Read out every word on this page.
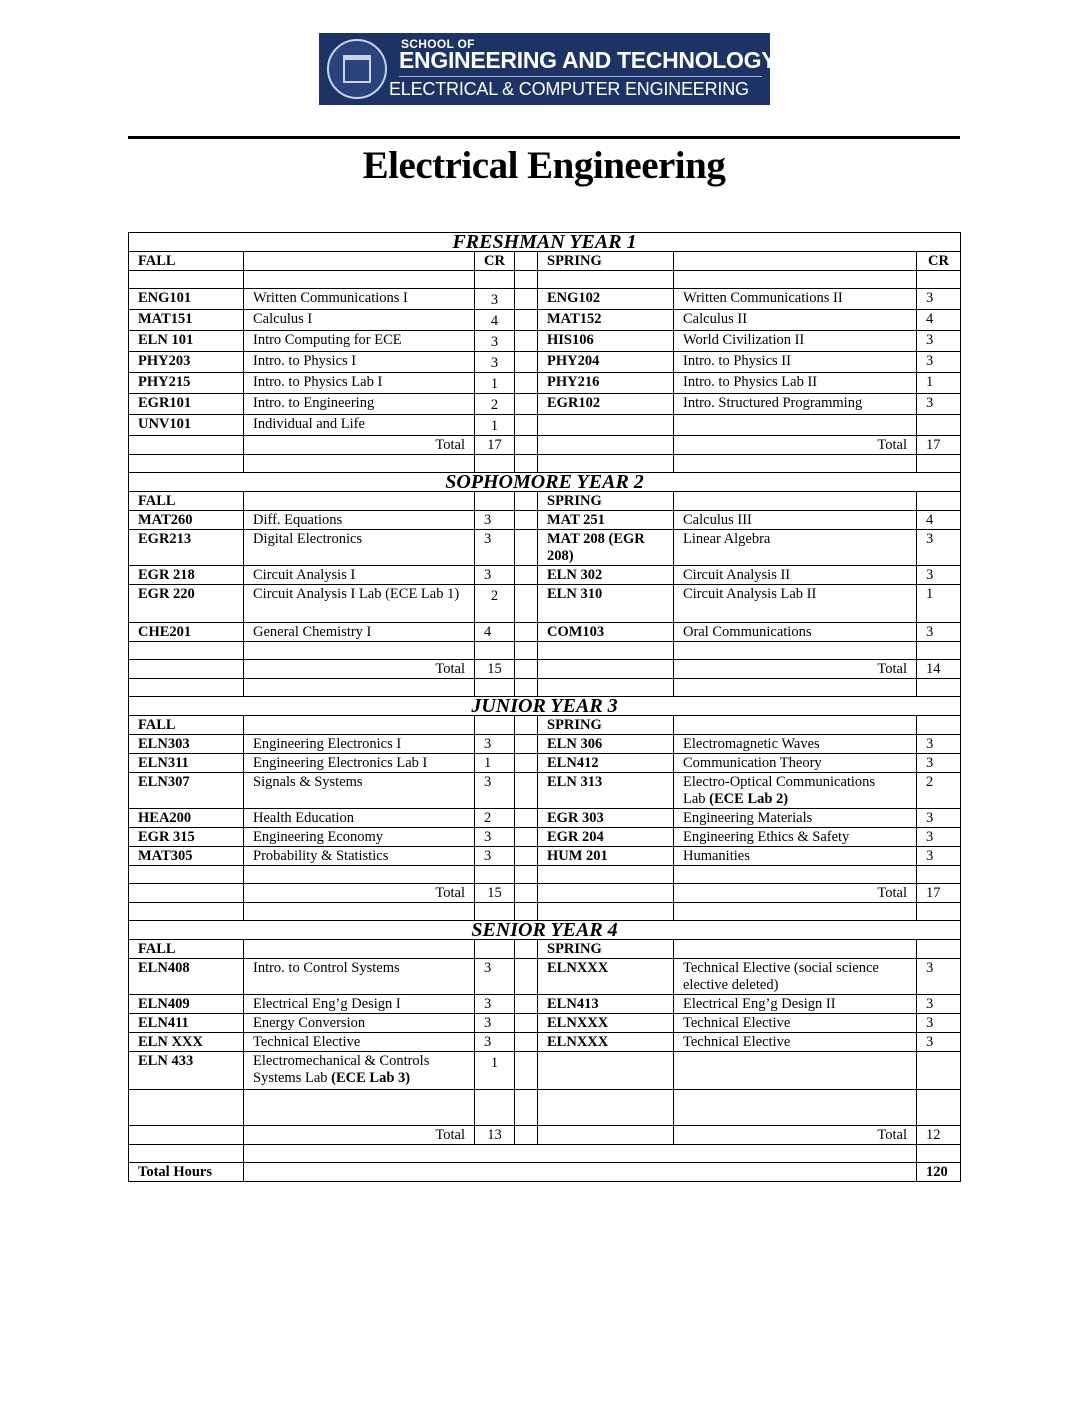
SCHOOL OF
ENGINEERING AND TECHNOLOGY
ELECTRICAL & COMPUTER ENGINEERING
Electrical Engineering
FRESHMAN YEAR 1						
FALL		CR		SPRING		CR

ENG101	Written Communications I	3		ENG102	Written Communications II	3
MAT151	Calculus I	4		MAT152	Calculus II	4
ELN 101	Intro Computing for ECE	3		HIS106	World Civilization II	3
PHY203	Intro. to Physics I	3		PHY204	Intro. to Physics II	3
PHY215	Intro. to Physics Lab I	1		PHY216	Intro. to Physics Lab II	1
EGR101	Intro. to Engineering	2		EGR102	Intro. Structured Programming	3
UNV101	Individual and Life	1				
	Total	17			Total	17

SOPHOMORE YEAR 2						
FALL				SPRING		
MAT260	Diff. Equations	3		MAT 251	Calculus III	4
EGR213	Digital Electronics	3		MAT 208 (EGR 208)	Linear Algebra	3
EGR 218	Circuit Analysis I	3		ELN 302	Circuit Analysis II	3
EGR 220	Circuit Analysis I Lab (ECE Lab 1)	2		ELN 310	Circuit Analysis Lab II	1
CHE201	General Chemistry I	4		COM103	Oral Communications	3

	Total	15			Total	14

JUNIOR YEAR 3						
FALL				SPRING		
ELN303	Engineering Electronics I	3		ELN 306	Electromagnetic Waves	3
ELN311	Engineering Electronics Lab I	1		ELN412	Communication Theory	3
ELN307	Signals & Systems	3		ELN 313	Electro-Optical Communications
Lab (ECE Lab 2)	2
HEA200	Health Education	2		EGR 303	Engineering Materials	3
EGR 315	Engineering Economy	3		EGR 204	Engineering Ethics & Safety	3
MAT305	Probability & Statistics	3		HUM 201	Humanities	3

	Total	15			Total	17

SENIOR YEAR 4						
FALL				SPRING		
ELN408	Intro. to Control Systems	3		ELNXXX	Technical Elective (social science elective deleted)	3
ELN409	Electrical Eng’g Design I	3		ELN413	Electrical Eng’g Design II	3
ELN411	Energy Conversion	3		ELNXXX	Technical Elective	3
ELN XXX	Technical Elective	3		ELNXXX	Technical Elective	3
ELN 433	Electromechanical & Controls Systems Lab (ECE Lab 3)	1				

	Total	13			Total	12

Total Hours						120
